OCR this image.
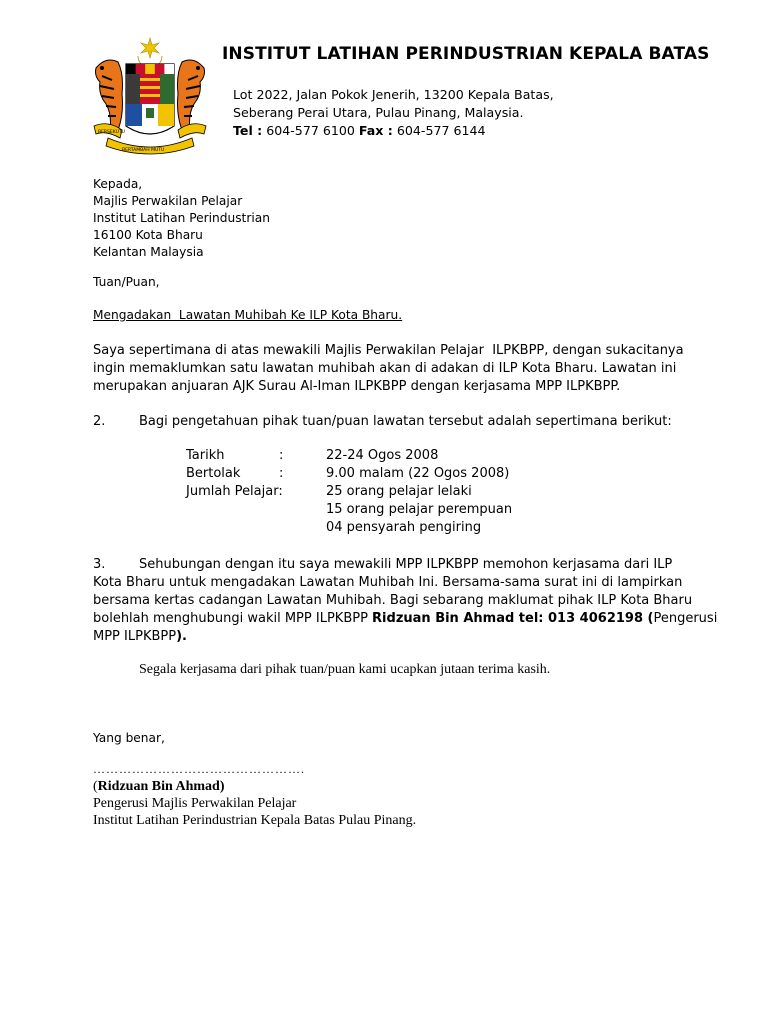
BERSEKUTU
BERTAMBAH MUTU
INSTITUT LATIHAN PERINDUSTRIAN KEPALA BATAS
Lot 2022, Jalan Pokok Jenerih, 13200 Kepala Batas,
Seberang Perai Utara, Pulau Pinang, Malaysia.
Tel : 604-577 6100 Fax : 604-577 6144
Kepada,
Majlis Perwakilan Pelajar
Institut Latihan Perindustrian
16100 Kota Bharu
Kelantan Malaysia
Tuan/Puan,
Mengadakan  Lawatan Muhibah Ke ILP Kota Bharu.
Saya sepertimana di atas mewakili Majlis Perwakilan Pelajar  ILPKBPP, dengan sukacitanya
ingin memaklumkan satu lawatan muhibah akan di adakan di ILP Kota Bharu. Lawatan ini
merupakan anjuaran AJK Surau Al-Iman ILPKBPP dengan kerjasama MPP ILPKBPP.
2.	Bagi pengetahuan pihak tuan/puan lawatan tersebut adalah sepertimana berikut:
Tarikh	:	22-24 Ogos 2008
Bertolak	:	9.00 malam (22 Ogos 2008)
Jumlah Pelajar:	25 orang pelajar lelaki
15 orang pelajar perempuan
04 pensyarah pengiring
3.	Sehubungan dengan itu saya mewakili MPP ILPKBPP memohon kerjasama dari ILP
Kota Bharu untuk mengadakan Lawatan Muhibah Ini. Bersama-sama surat ini di lampirkan
bersama kertas cadangan Lawatan Muhibah. Bagi sebarang maklumat pihak ILP Kota Bharu
bolehlah menghubungi wakil MPP ILPKBPP Ridzuan Bin Ahmad tel: 013 4062198 (Pengerusi
MPP ILPKBPP).
Segala kerjasama dari pihak tuan/puan kami ucapkan jutaan terima kasih.
Yang benar,
………………………………………….
(Ridzuan Bin Ahmad)
Pengerusi Majlis Perwakilan Pelajar
Institut Latihan Perindustrian Kepala Batas Pulau Pinang.
